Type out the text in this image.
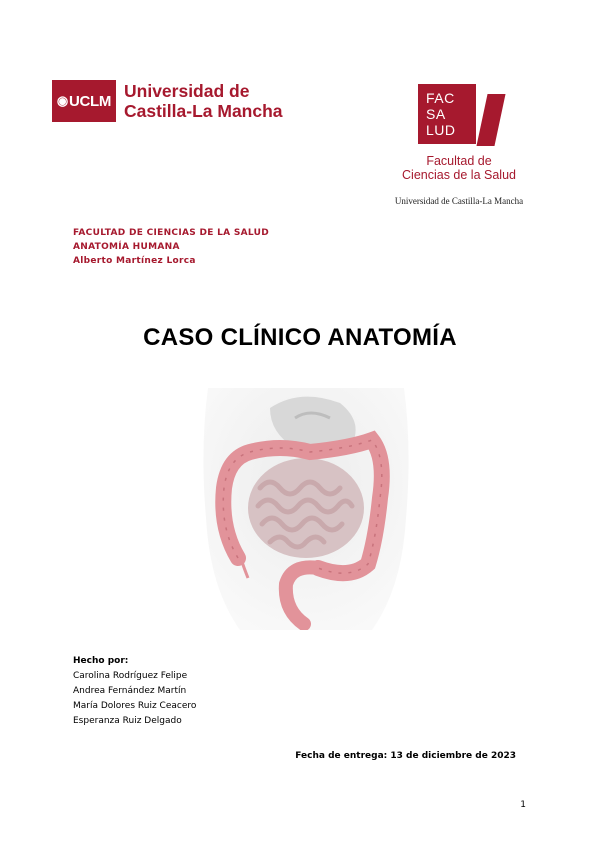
◉ UCLM Universidad de
Castilla-La Mancha
FAC
SA
LUD
Facultad de
Ciencias de la Salud
Universidad de Castilla-La Mancha
FACULTAD DE CIENCIAS DE LA SALUD
ANATOMÍA HUMANA
Alberto Martínez Lorca
CASO CLÍNICO ANATOMÍA
Hecho por:
Carolina Rodríguez Felipe
Andrea Fernández Martín
María Dolores Ruiz Ceacero
Esperanza Ruiz Delgado
Fecha de entrega: 13 de diciembre de 2023
1
